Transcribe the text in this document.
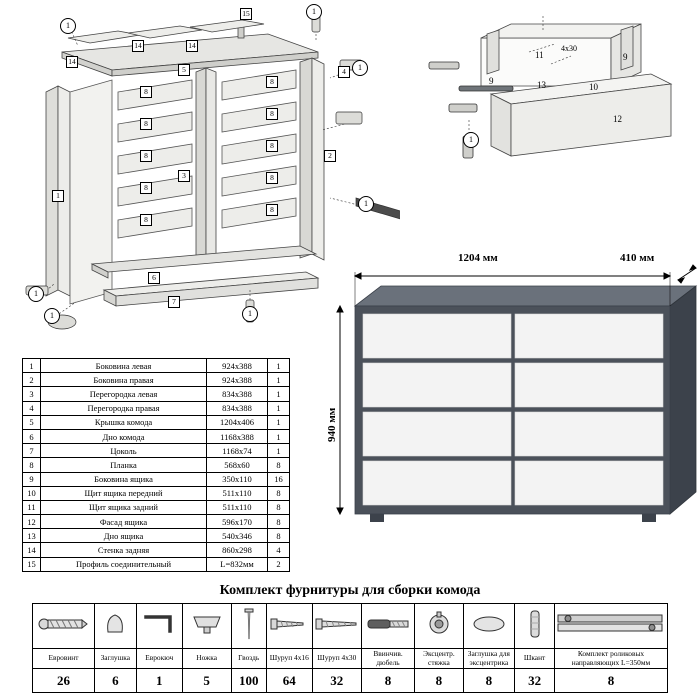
15
14
14	14
5
8
8
8
8
8
8
8
8
8
8
3
2
1
6
7
4
1
1
1
1
1
1	1
11
4х30
9
9
13	10
12
1
1204 мм	410 мм
940 мм
1	Боковина левая	924x388	1
2	Боковина правая	924x388	1
3	Перегородка левая	834x388	1
4	Перегородка правая	834x388	1
5	Крышка комода	1204x406	1
6	Дно комода	1168x388	1
7	Цоколь	1168x74	1
8	Планка	568x60	8
9	Боковина ящика	350x110	16
10	Щит ящика передний	511x110	8
11	Щит ящика задний	511x110	8
12	Фасад ящика	596x170	8
13	Дно ящика	540x346	8
14	Стенка задняя	860x298	4
15	Профиль соединительный	L=832мм	2
Комплект фурнитуры для сборки комода

Евровинт	Заглушка	Еврокюч	Ножка	Гвоздь	Шуруп 4х16	Шуруп 4х30	Ввинчив. дюбель	Эксцентр. стяжка	Заглушка для эксцентрика	Шкант	Комплект роликовых направляющих L=350мм
26	6	1	5	100	64	32	8	8	8	32	8
